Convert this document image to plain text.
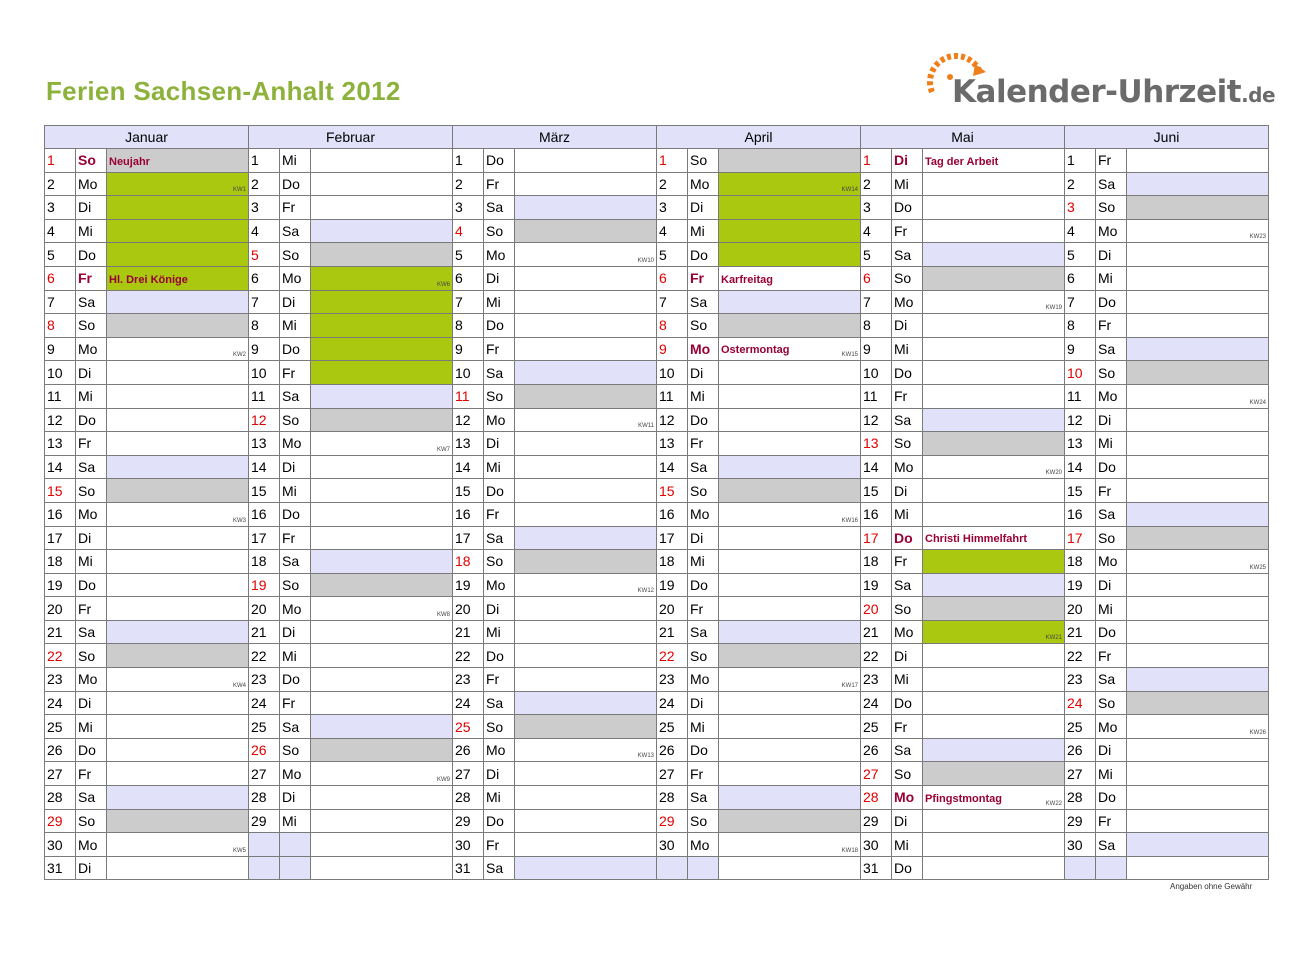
Ferien Sachsen-Anhalt 2012	Kalender-Uhrzeit.de
Januar			Februar			März			April			Mai			Juni		
1	So	Neujahr	1	Mi		1	Do		1	So		1	Di	Tag der Arbeit	1	Fr	
2	Mo	KW1	2	Do		2	Fr		2	Mo	KW14	2	Mi		2	Sa	
3	Di		3	Fr		3	Sa		3	Di		3	Do		3	So	
4	Mi		4	Sa		4	So		4	Mi		4	Fr		4	Mo	KW23

5	Do		5	So		5	Mo	KW10	5	Do		5	Sa		5	Di	
6	Fr	Hl. Drei Könige	6	Mo	KW6	6	Di		6	Fr	Karfreitag	6	So		6	Mi	
7	Sa		7	Di		7	Mi		7	Sa		7	Mo	KW19	7	Do	
8	So		8	Mi		8	Do		8	So		8	Di		8	Fr	
9	Mo	KW2	9	Do		9	Fr		9	Mo	Ostermontag KW15	9	Mi		9	Sa	
10	Di		10	Fr		10	Sa		10	Di		10	Do		10	So	
11	Mi		11	Sa		11	So		11	Mi		11	Fr		11	Mo	KW24

12	Do		12	So		12	Mo	KW11	12	Do		12	Sa		12	Di	
13	Fr		13	Mo	KW7	13	Di		13	Fr		13	So		13	Mi	
14	Sa		14	Di		14	Mi		14	Sa		14	Mo	KW20	14	Do	
15	So		15	Mi		15	Do		15	So		15	Di		15	Fr	
16	Mo	KW3	16	Do		16	Fr		16	Mo	KW16	16	Mi		16	Sa	
17	Di		17	Fr		17	Sa		17	Di		17	Do	Christi Himmelfahrt	17	So	
18	Mi		18	Sa		18	So		18	Mi		18	Fr		18	Mo	KW25

19	Do		19	So		19	Mo	KW12	19	Do		19	Sa		19	Di	
20	Fr		20	Mo	KW8	20	Di		20	Fr		20	So		20	Mi	
21	Sa		21	Di		21	Mi		21	Sa		21	Mo	KW21	21	Do	
22	So		22	Mi		22	Do		22	So		22	Di		22	Fr	
23	Mo	KW4	23	Do		23	Fr		23	Mo	KW17	23	Mi		23	Sa	
24	Di		24	Fr		24	Sa		24	Di		24	Do		24	So	
25	Mi		25	Sa		25	So		25	Mi		25	Fr		25	Mo	KW26

26	Do		26	So		26	Mo	KW13	26	Do		26	Sa		26	Di	
27	Fr		27	Mo	KW9	27	Di		27	Fr		27	So		27	Mi	
28	Sa		28	Di		28	Mi		28	Sa		28	Mo	Pfingstmontag KW22	28	Do	
29	So		29	Mi		29	Do		29	So		29	Di		29	Fr	
30	Mo	KW5				30	Fr		30	Mo	KW18	30	Mi		30	Sa	
31	Di					31	Sa					31	Do				
Angaben ohne Gewähr
